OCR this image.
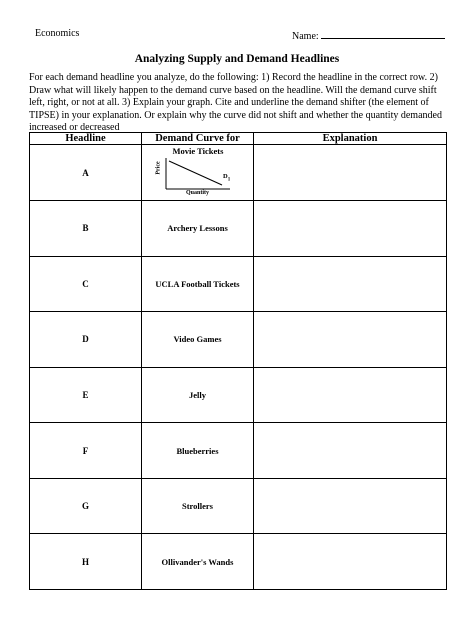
Economics	Name:
Analyzing Supply and Demand Headlines

For each demand headline you analyze, do the following: 1) Record the headline in the correct row. 2) Draw what will likely happen to the demand curve based on the headline. Will the demand curve shift left, right, or not at all. 3) Explain your graph. Cite and underline the demand shifter (the element of TIPSE) in your explanation. Or explain why the curve did not shift and whether the quantity demanded increased or decreased

Headline	Demand Curve for	Explanation
A	Movie Tickets
Price
Quantity
$D_1$

B	Archery Lessons	
C	UCLA Football Tickets	
D	Video Games	
E	Jelly	
F	Blueberries	
G	Strollers	
H	Ollivander's Wands	
